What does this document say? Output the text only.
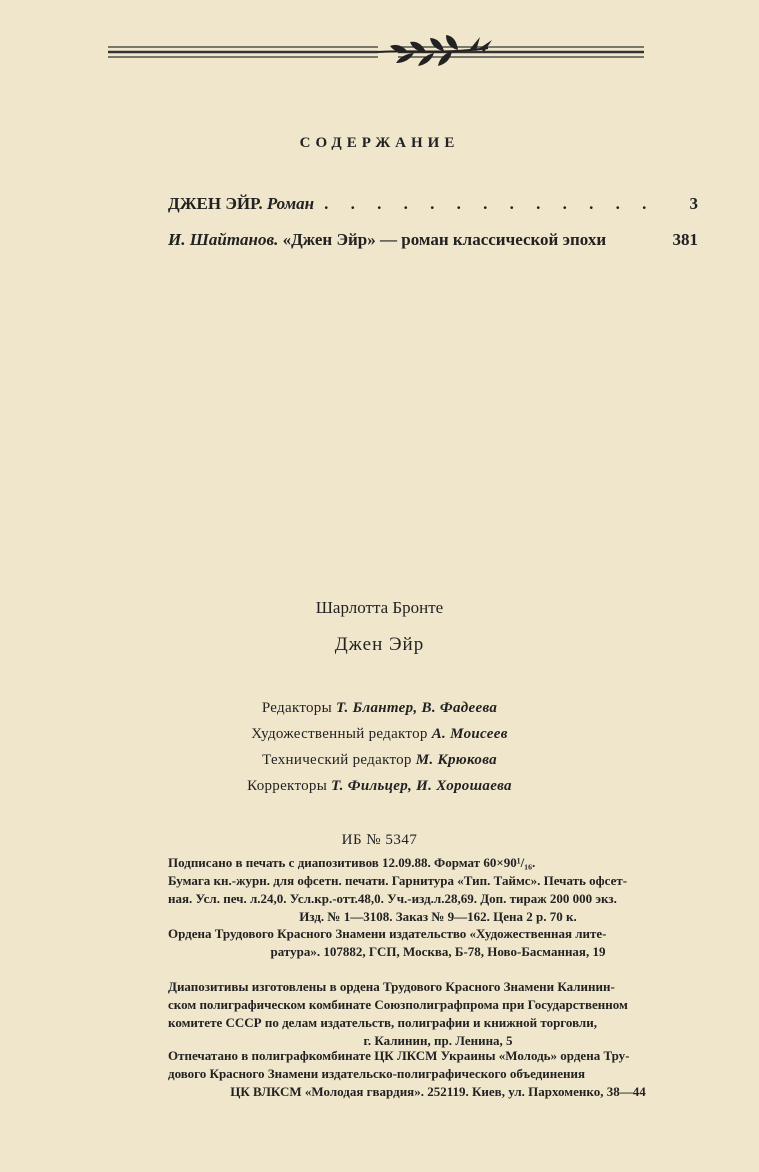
СОДЕРЖАНИЕ
ДЖЕН ЭЙР.
Роман . . . . . . . . . . . . .	3
И. Шайтанов.
«Джен Эйр» — роман классической эпохи	381
Шарлотта Бронте
Джен Эйр
Редакторы Т. Блантер, В. Фадеева
Художественный редактор А. Моисеев
Технический редактор М. Крюкова
Корректоры Т. Фильцер, И. Хорошаева
ИБ № 5347
Подписано в печать с диапозитивов 12.09.88. Формат 60×90¹/₁₆.
Бумага кн.-журн. для офсетн. печати. Гарнитура «Тип. Таймс». Печать офсет-
ная. Усл. печ. л.24,0. Усл.кр.-отт.48,0. Уч.-изд.л.28,69. Доп. тираж 200 000 экз.
Изд. № 1—3108. Заказ № 9—162. Цена 2 р. 70 к.
Ордена Трудового Красного Знамени издательство «Художественная лите-
ратура». 107882, ГСП, Москва, Б-78, Ново-Басманная, 19
Диапозитивы изготовлены в ордена Трудового Красного Знамени Калинин-
ском полиграфическом комбинате Союзполиграфпрома при Государственном
комитете СССР по делам издательств, полиграфии и книжной торговли,
г. Калинин, пр. Ленина, 5
Отпечатано в полиграфкомбинате ЦК ЛКСМ Украины «Молодь» ордена Тру-
дового Красного Знамени издательско-полиграфического объединения
ЦК ВЛКСМ «Молодая гвардия». 252119. Киев, ул. Пархоменко, 38—44
